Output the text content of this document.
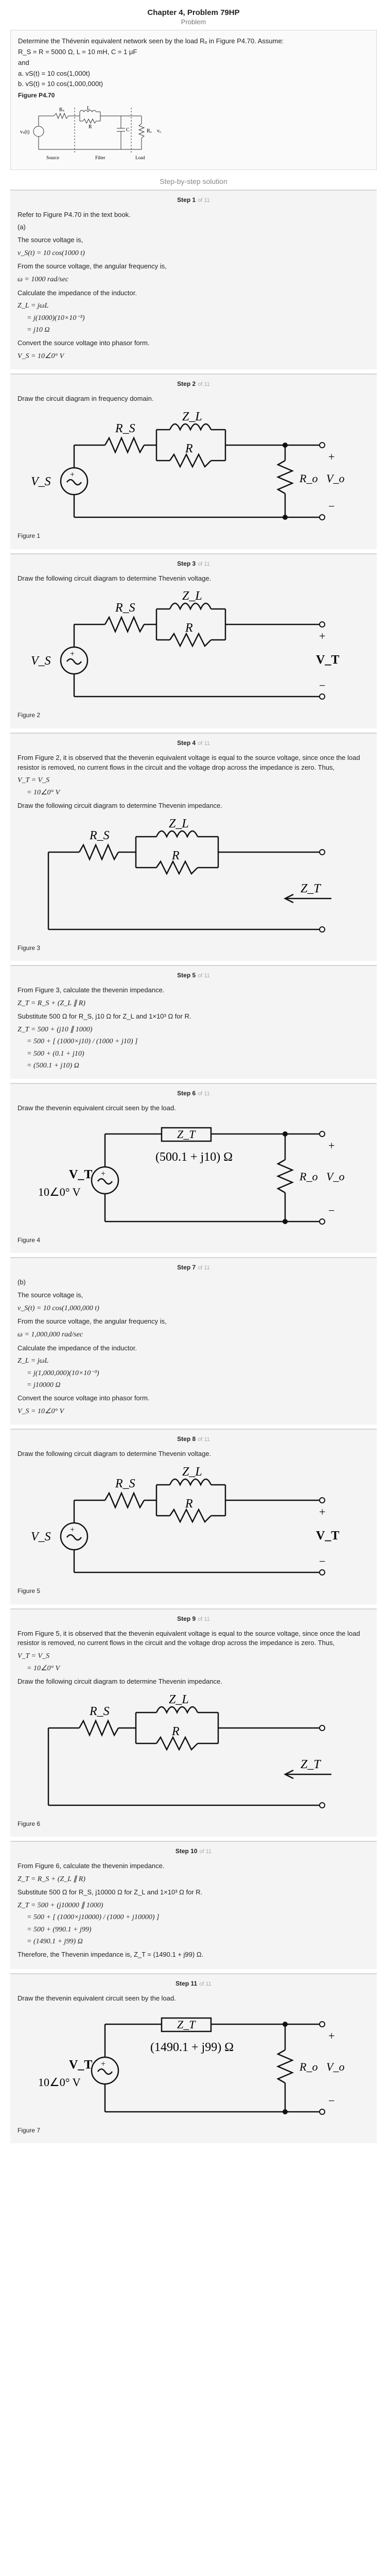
Chapter 4, Problem 79HP
Problem

Determine the Thévenin equivalent network seen by the load Rₒ in Figure P4.70. Assume:

R_S = R = 5000 Ω, L = 10 mH, C = 1 μF

and

a. vS(t) = 10 cos(1,000t)

b. vS(t) = 10 cos(1,000,000t)

Figure P4.70
Rₛ	L
R
C	Rₒ vₒ
vₛ(t)
Source	Filter	Load
Step-by-step solution
Step 1 of 11

Refer to Figure P4.70 in the text book.

(a)

The source voltage is,

v_S(t) = 10 cos(1000 t)

From the source voltage, the angular frequency is,

ω = 1000 rad/sec

Calculate the impedance of the inductor.

Z_L = jωL
= j(1000)(10×10⁻³)
= j10 Ω

Convert the source voltage into phasor form.

V_S = 10∠0° V
Step 2 of 11

Draw the circuit diagram in frequency domain.

+
R_S
Z_L
R
R_o V_o
V_S
+
−
Figure 1
Step 3 of 11

Draw the following circuit diagram to determine Thevenin voltage.

+
R_S
Z_L
R
V_S	V_T
+
−
Figure 2
Step 4 of 11

From Figure 2, it is observed that the thevenin equivalent voltage is equal to the source voltage, since once the load resistor is removed, no current flows in the circuit and the voltage drop across the impedance is zero. Thus,

V_T = V_S
= 10∠0° V

Draw the following circuit diagram to determine Thevenin impedance.

R_S
Z_L
R
Z_T
Figure 3
Step 5 of 11

From Figure 3, calculate the thevenin impedance.

Z_T = R_S + (Z_L ∥ R)

Substitute 500 Ω for R_S, j10 Ω for Z_L and 1×10³ Ω for R.

Z_T = 500 + (j10 ∥ 1000)
= 500 + [ (1000×j10) / (1000 + j10) ]
= 500 + (0.1 + j10)
= (500.1 + j10) Ω
Step 6 of 11

Draw the thevenin equivalent circuit seen by the load.

+
Z_T
(500.1 + j10) Ω
V_T
10∠0° V
R_o V_o
+
−
Figure 4
Step 7 of 11

(b)

The source voltage is,

v_S(t) = 10 cos(1,000,000 t)

From the source voltage, the angular frequency is,

ω = 1,000,000 rad/sec

Calculate the impedance of the inductor.

Z_L = jωL
= j(1,000,000)(10×10⁻³)
= j10000 Ω

Convert the source voltage into phasor form.

V_S = 10∠0° V
Step 8 of 11

Draw the following circuit diagram to determine Thevenin voltage.

+
R_S
Z_L
R
V_S	V_T
+
−
Figure 5
Step 9 of 11

From Figure 5, it is observed that the thevenin equivalent voltage is equal to the source voltage, since once the load resistor is removed, no current flows in the circuit and the voltage drop across the impedance is zero. Thus,

V_T = V_S
= 10∠0° V

Draw the following circuit diagram to determine Thevenin impedance.

R_S
Z_L
R
Z_T
Figure 6
Step 10 of 11

From Figure 6, calculate the thevenin impedance.

Z_T = R_S + (Z_L ∥ R)

Substitute 500 Ω for R_S, j10000 Ω for Z_L and 1×10³ Ω for R.

Z_T = 500 + (j10000 ∥ 1000)
= 500 + [ (1000×j10000) / (1000 + j10000) ]
= 500 + (990.1 + j99)
= (1490.1 + j99) Ω

Therefore, the Thevenin impedance is, Z_T = (1490.1 + j99) Ω.

Step 11 of 11

Draw the thevenin equivalent circuit seen by the load.

+
Z_T
(1490.1 + j99) Ω
V_T
10∠0° V
R_o V_o
+
−
Figure 7
